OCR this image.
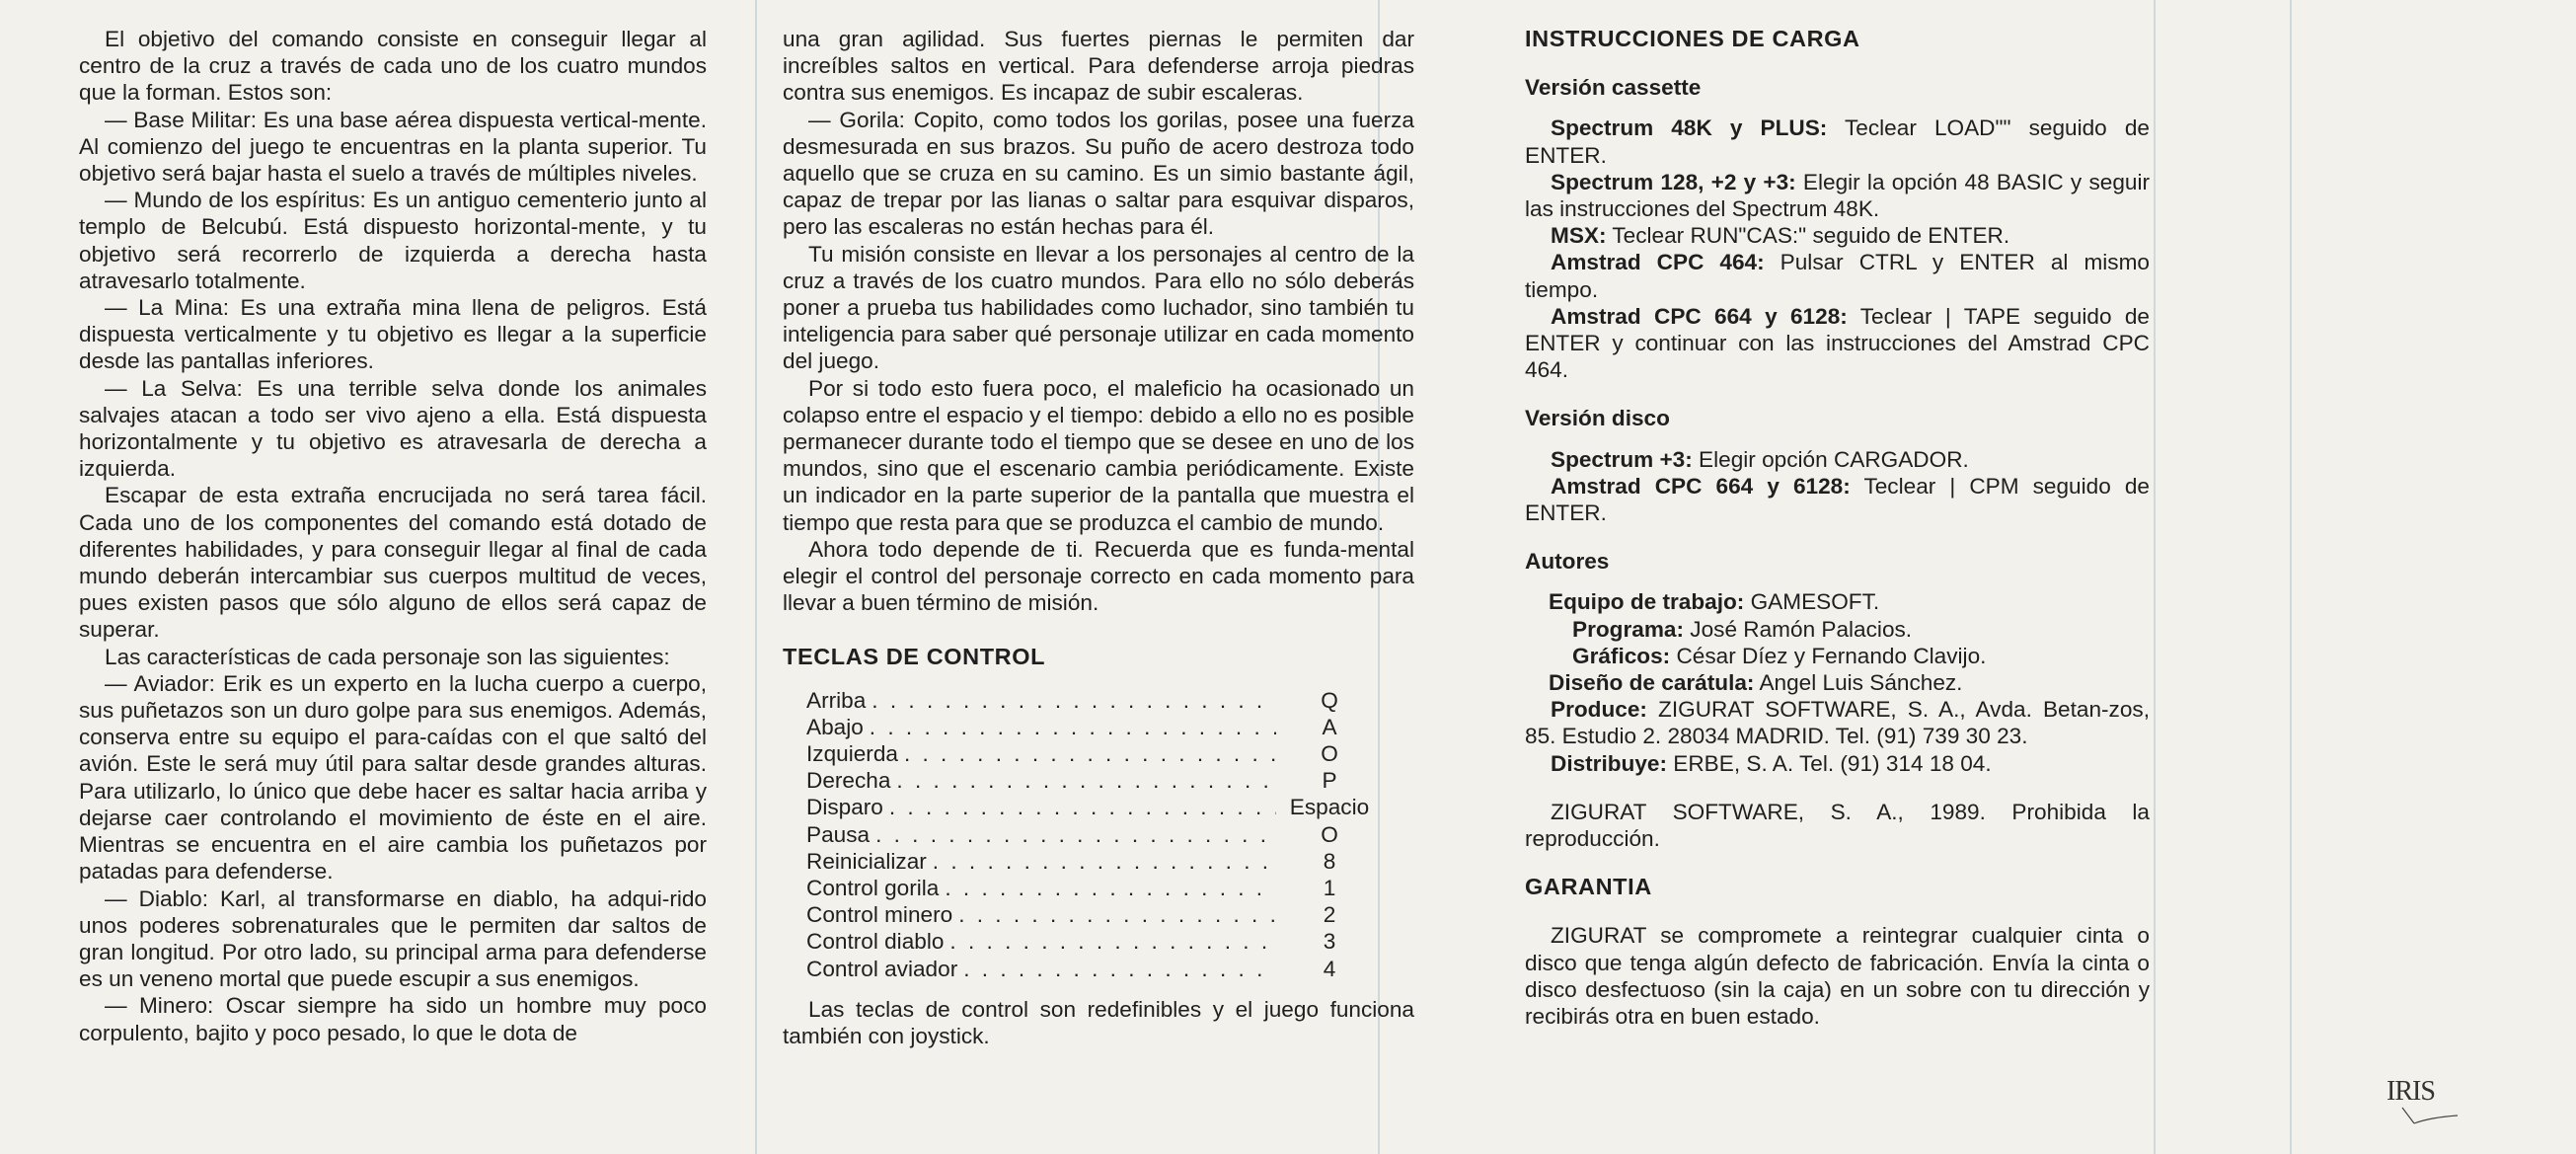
El objetivo del comando consiste en conseguir llegar al centro de la cruz a través de cada uno de los cuatro mundos que la forman. Estos son:

— Base Militar: Es una base aérea dispuesta vertical-mente. Al comienzo del juego te encuentras en la planta superior. Tu objetivo será bajar hasta el suelo a través de múltiples niveles.

— Mundo de los espíritus: Es un antiguo cementerio junto al templo de Belcubú. Está dispuesto horizontal-mente, y tu objetivo será recorrerlo de izquierda a derecha hasta atravesarlo totalmente.

— La Mina: Es una extraña mina llena de peligros. Está dispuesta verticalmente y tu objetivo es llegar a la superficie desde las pantallas inferiores.

— La Selva: Es una terrible selva donde los animales salvajes atacan a todo ser vivo ajeno a ella. Está dispuesta horizontalmente y tu objetivo es atravesarla de derecha a izquierda.

Escapar de esta extraña encrucijada no será tarea fácil. Cada uno de los componentes del comando está dotado de diferentes habilidades, y para conseguir llegar al final de cada mundo deberán intercambiar sus cuerpos multitud de veces, pues existen pasos que sólo alguno de ellos será capaz de superar.

Las características de cada personaje son las siguientes:

— Aviador: Erik es un experto en la lucha cuerpo a cuerpo, sus puñetazos son un duro golpe para sus enemigos. Además, conserva entre su equipo el para-caídas con el que saltó del avión. Este le será muy útil para saltar desde grandes alturas. Para utilizarlo, lo único que debe hacer es saltar hacia arriba y dejarse caer controlando el movimiento de éste en el aire. Mientras se encuentra en el aire cambia los puñetazos por patadas para defenderse.

— Diablo: Karl, al transformarse en diablo, ha adqui-rido unos poderes sobrenaturales que le permiten dar saltos de gran longitud. Por otro lado, su principal arma para defenderse es un veneno mortal que puede escupir a sus enemigos.

— Minero: Oscar siempre ha sido un hombre muy poco corpulento, bajito y poco pesado, lo que le dota de

una gran agilidad. Sus fuertes piernas le permiten dar increíbles saltos en vertical. Para defenderse arroja piedras contra sus enemigos. Es incapaz de subir escaleras.

— Gorila: Copito, como todos los gorilas, posee una fuerza desmesurada en sus brazos. Su puño de acero destroza todo aquello que se cruza en su camino. Es un simio bastante ágil, capaz de trepar por las lianas o saltar para esquivar disparos, pero las escaleras no están hechas para él.

Tu misión consiste en llevar a los personajes al centro de la cruz a través de los cuatro mundos. Para ello no sólo deberás poner a prueba tus habilidades como luchador, sino también tu inteligencia para saber qué personaje utilizar en cada momento del juego.

Por si todo esto fuera poco, el maleficio ha ocasionado un colapso entre el espacio y el tiempo: debido a ello no es posible permanecer durante todo el tiempo que se desee en uno de los mundos, sino que el escenario cambia periódicamente. Existe un indicador en la parte superior de la pantalla que muestra el tiempo que resta para que se produzca el cambio de mundo.

Ahora todo depende de ti. Recuerda que es funda-mental elegir el control del personaje correcto en cada momento para llevar a buen término de misión.

TECLAS DE CONTROL
Arriba . . .	Q
Abajo . . .	A
Izquierda . . .	O
Derecha . . .	P
Disparo . . .	Espacio
Pausa . . .	O
Reinicializar . . .	8
Control gorila . . .	1
Control minero . . .	2
Control diablo . . .	3
Control aviador . . .	4

Las teclas de control son redefinibles y el juego funciona también con joystick.

INSTRUCCIONES DE CARGA
Versión cassette

Spectrum 48K y PLUS: Teclear LOAD"" seguido de ENTER.

Spectrum 128, +2 y +3: Elegir la opción 48 BASIC y seguir las instrucciones del Spectrum 48K.

MSX: Teclear RUN"CAS:" seguido de ENTER.

Amstrad CPC 464: Pulsar CTRL y ENTER al mismo tiempo.

Amstrad CPC 664 y 6128: Teclear | TAPE seguido de ENTER y continuar con las instrucciones del Amstrad CPC 464.

Versión disco

Spectrum +3: Elegir opción CARGADOR.

Amstrad CPC 664 y 6128: Teclear | CPM seguido de ENTER.

Autores

Equipo de trabajo: GAMESOFT.

Programa: José Ramón Palacios.

Gráficos: César Díez y Fernando Clavijo.

Diseño de carátula: Angel Luis Sánchez.

Produce: ZIGURAT SOFTWARE, S. A., Avda. Betan-zos, 85. Estudio 2. 28034 MADRID. Tel. (91) 739 30 23.

Distribuye: ERBE, S. A. Tel. (91) 314 18 04.

ZIGURAT SOFTWARE, S. A., 1989. Prohibida la reproducción.

GARANTIA

ZIGURAT se compromete a reintegrar cualquier cinta o disco que tenga algún defecto de fabricación. Envía la cinta o disco desfectuoso (sin la caja) en un sobre con tu dirección y recibirás otra en buen estado.

IRIS
